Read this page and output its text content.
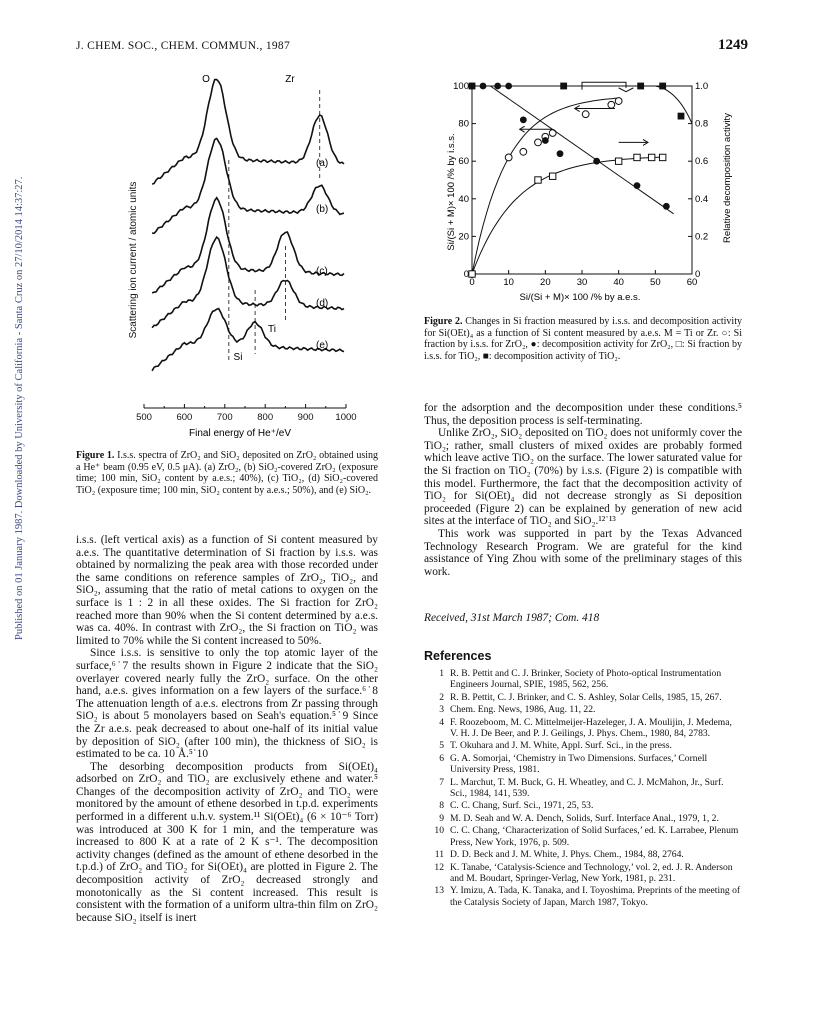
Published on 01 January 1987. Downloaded by University of California - Santa Cruz on 27/10/2014 14:37:27.
J. CHEM. SOC., CHEM. COMMUN., 1987	1249
Scattering ion current / atomic units
O	Zr
Ti
Si
500	600	700	800	900 1000
(a)
(b)
(c)
(d)
(e)
Final energy of He⁺/eV
Figure 1. I.s.s. spectra of ZrO₂ and SiO₂ deposited on ZrO₂ obtained using a He⁺ beam (0.95 eV, 0.5 μA). (a) ZrO₂, (b) SiO₂-covered ZrO₂ (exposure time; 100 min, SiO₂ content by a.e.s.; 40%), (c) TiO₂, (d) SiO₂-covered TiO₂ (exposure time; 100 min, SiO₂ content by a.e.s.; 50%), and (e) SiO₂.
Si/(Si + M)× 100 /% by i.s.s.	Relative decomposition activity
0	10	20	30	40	50	60
0
20
40
60
80
100
0
0.2
0.4
0.6
0.8
1.0
Si/(Si + M)× 100 /% by a.e.s.
Figure 2. Changes in Si fraction measured by i.s.s. and decomposition activity for Si(OEt)₄ as a function of Si content measured by a.e.s. M = Ti or Zr. ○: Si fraction by i.s.s. for ZrO₂, ●: decomposition activity for ZrO₂, □: Si fraction by i.s.s. for TiO₂, ■: decomposition activity of TiO₂.

i.s.s. (left vertical axis) as a function of Si content measured by a.e.s. The quantitative determination of Si fraction by i.s.s. was obtained by normalizing the peak area with those recorded under the same conditions on reference samples of ZrO₂, TiO₂, and SiO₂, assuming that the ratio of metal cations to oxygen on the surface is 1 : 2 in all these oxides. The Si fraction for ZrO₂ reached more than 90% when the Si content determined by a.e.s. was ca. 40%. In contrast with ZrO₂, the Si fraction on TiO₂ was limited to 70% while the Si content increased to 50%.

Since i.s.s. is sensitive to only the top atomic layer of the surface,⁶˙7 the results shown in Figure 2 indicate that the SiO₂ overlayer covered nearly fully the ZrO₂ surface. On the other hand, a.e.s. gives information on a few layers of the surface.⁶˙8 The attenuation length of a.e.s. electrons from Zr passing through SiO₂ is about 5 monolayers based on Seah's equation.⁵˙9 Since the Zr a.e.s. peak decreased to about one-half of its initial value by deposition of SiO₂ (after 100 min), the thickness of SiO₂ is estimated to be ca. 10 Å.⁵˙10

The desorbing decomposition products from Si(OEt)₄ adsorbed on ZrO₂ and TiO₂ are exclusively ethene and water.⁵ Changes of the decomposition activity of ZrO₂ and TiO₂ were monitored by the amount of ethene desorbed in t.p.d. experiments performed in a different u.h.v. system.¹¹ Si(OEt)₄ (6 × 10⁻⁶ Torr) was introduced at 300 K for 1 min, and the temperature was increased to 800 K at a rate of 2 K s⁻¹. The decomposition activity changes (defined as the amount of ethene desorbed in the t.p.d.) of ZrO₂ and TiO₂ for Si(OEt)₄ are plotted in Figure 2. The decomposition activity of ZrO₂ decreased strongly and monotonically as the Si content increased. This result is consistent with the formation of a uniform ultra-thin film on ZrO₂ because SiO₂ itself is inert

for the adsorption and the decomposition under these conditions.⁵ Thus, the deposition process is self-terminating.

Unlike ZrO₂, SiO₂ deposited on TiO₂ does not uniformly cover the TiO₂; rather, small clusters of mixed oxides are probably formed which leave active TiO₂ on the surface. The lower saturated value for the Si fraction on TiO₂ (70%) by i.s.s. (Figure 2) is compatible with this model. Furthermore, the fact that the decomposition activity of TiO₂ for Si(OEt)₄ did not decrease strongly as Si deposition proceeded (Figure 2) can be explained by generation of new acid sites at the interface of TiO₂ and SiO₂.¹²˙¹³

This work was supported in part by the Texas Advanced Technology Research Program. We are grateful for the kind assistance of Ying Zhou with some of the preliminary stages of this work.

Received, 31st March 1987; Com. 418
References
1 R. B. Pettit and C. J. Brinker, Society of Photo-optical Instrumentation Engineers Journal, SPIE, 1985, 562, 256.
2 R. B. Pettit, C. J. Brinker, and C. S. Ashley, Solar Cells, 1985, 15, 267.
3 Chem. Eng. News, 1986, Aug. 11, 22.
4 F. Roozeboom, M. C. Mittelmeijer-Hazeleger, J. A. Moulijin, J. Medema, V. H. J. De Beer, and P. J. Geilings, J. Phys. Chem., 1980, 84, 2783.
5 T. Okuhara and J. M. White, Appl. Surf. Sci., in the press.
6 G. A. Somorjai, ‘Chemistry in Two Dimensions. Surfaces,’ Cornell University Press, 1981.
7 L. Marchut, T. M. Buck, G. H. Wheatley, and C. J. McMahon, Jr., Surf. Sci., 1984, 141, 539.
8 C. C. Chang, Surf. Sci., 1971, 25, 53.
9 M. D. Seah and W. A. Dench, Solids, Surf. Interface Anal., 1979, 1, 2.
10 C. C. Chang, ‘Characterization of Solid Surfaces,’ ed. K. Larrabee, Plenum Press, New York, 1976, p. 509.
11 D. D. Beck and J. M. White, J. Phys. Chem., 1984, 88, 2764.
12 K. Tanabe, ‘Catalysis-Science and Technology,’ vol. 2, ed. J. R. Anderson and M. Boudart, Springer-Verlag, New York, 1981, p. 231.
13 Y. Imizu, A. Tada, K. Tanaka, and I. Toyoshima. Preprints of the meeting of the Catalysis Society of Japan, March 1987, Tokyo.
